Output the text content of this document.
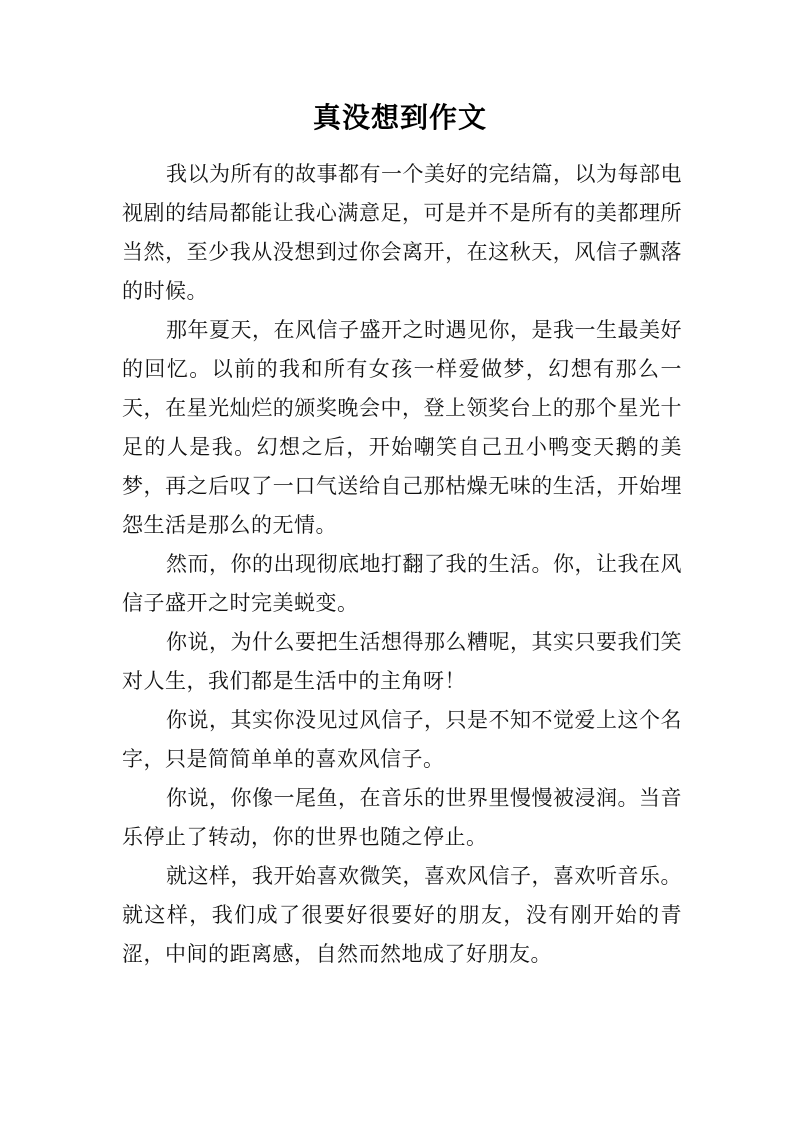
真没想到作文

我以为所有的故事都有一个美好的完结篇，以为每部电视剧的结局都能让我心满意足，可是并不是所有的美都理所当然，至少我从没想到过你会离开，在这秋天，风信子飘落的时候。

那年夏天，在风信子盛开之时遇见你，是我一生最美好的回忆。以前的我和所有女孩一样爱做梦，幻想有那么一天，在星光灿烂的颁奖晚会中，登上领奖台上的那个星光十足的人是我。幻想之后，开始嘲笑自己丑小鸭变天鹅的美梦，再之后叹了一口气送给自己那枯燥无味的生活，开始埋怨生活是那么的无情。

然而，你的出现彻底地打翻了我的生活。你，让我在风信子盛开之时完美蜕变。

你说，为什么要把生活想得那么糟呢，其实只要我们笑对人生，我们都是生活中的主角呀！

你说，其实你没见过风信子，只是不知不觉爱上这个名字，只是简简单单的喜欢风信子。

你说，你像一尾鱼，在音乐的世界里慢慢被浸润。当音乐停止了转动，你的世界也随之停止。

就这样，我开始喜欢微笑，喜欢风信子，喜欢听音乐。就这样，我们成了很要好很要好的朋友，没有刚开始的青涩，中间的距离感，自然而然地成了好朋友。
